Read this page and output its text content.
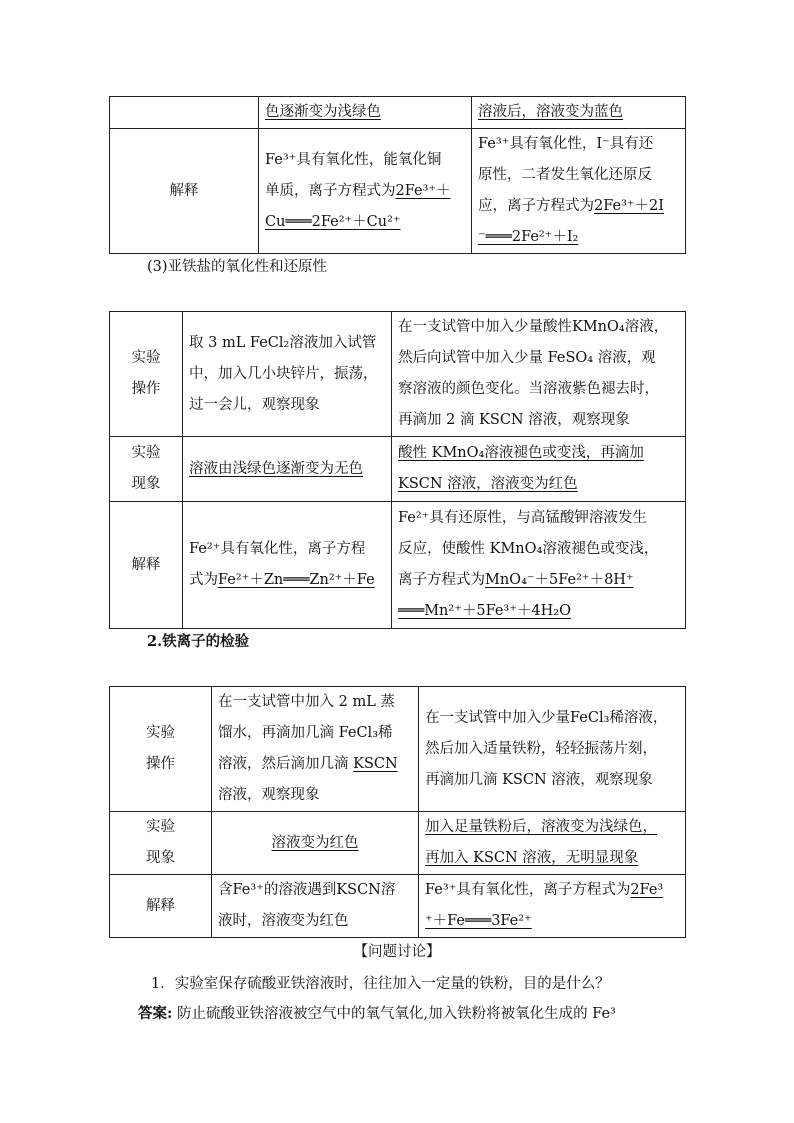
	色逐渐变为浅绿色	溶液后，溶液变为蓝色
解释	Fe³⁺具有氧化性，能氧化铜
单质，离子方程式为2Fe³⁺＋
Cu═══2Fe²⁺＋Cu²⁺	Fe³⁺具有氧化性，I⁻具有还
原性，二者发生氧化还原反
应，离子方程式为2Fe³⁺＋2I
⁻═══2Fe²⁺＋I₂
(3)亚铁盐的氧化性和还原性
实验
操作	取 3 mL FeCl₂溶液加入试管
中，加入几小块锌片，振荡，
过一会儿，观察现象	在一支试管中加入少量酸性KMnO₄溶液，
然后向试管中加入少量 FeSO₄ 溶液，观
察溶液的颜色变化。当溶液紫色褪去时，
再滴加 2 滴 KSCN 溶液，观察现象

实验
现象	溶液由浅绿色逐渐变为无色	酸性 KMnO₄溶液褪色或变浅，再滴加
KSCN 溶液，溶液变为红色

解释	Fe²⁺具有氧化性，离子方程
式为Fe²⁺＋Zn═══Zn²⁺＋Fe	Fe²⁺具有还原性，与高锰酸钾溶液发生
反应，使酸性 KMnO₄溶液褪色或变浅，
离子方程式为MnO₄⁻＋5Fe²⁺＋8H⁺
═══Mn²⁺＋5Fe³⁺＋4H₂O
2.铁离子的检验
实验
操作	在一支试管中加入 2 mL 蒸
馏水，再滴加几滴 FeCl₃稀
溶液，然后滴加几滴 KSCN
溶液，观察现象	在一支试管中加入少量FeCl₃稀溶液，
然后加入适量铁粉，轻轻振荡片刻，
再滴加几滴 KSCN 溶液，观察现象

实验
现象	溶液变为红色	加入足量铁粉后，溶液变为浅绿色，
再加入 KSCN 溶液，无明显现象

解释	含Fe³⁺的溶液遇到KSCN溶
液时，溶液变为红色	Fe³⁺具有氧化性，离子方程式为2Fe³
⁺＋Fe═══3Fe²⁺
【问题讨论】
1．实验室保存硫酸亚铁溶液时，往往加入一定量的铁粉，目的是什么？
答案: 防止硫酸亚铁溶液被空气中的氧气氧化,加入铁粉将被氧化生成的 Fe³
